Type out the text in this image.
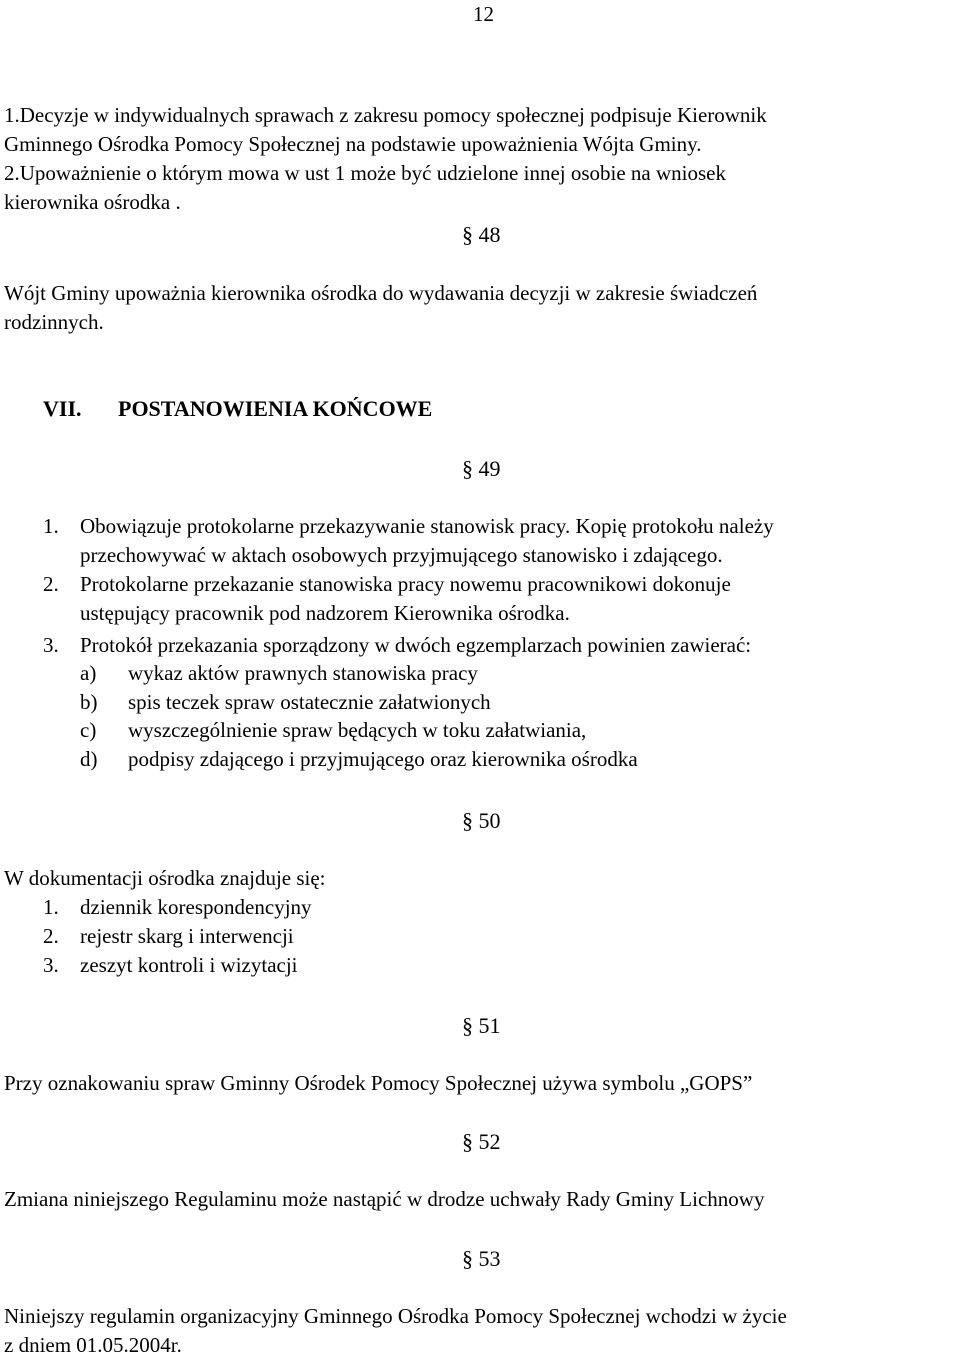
12
1.Decyzje w indywidualnych sprawach z zakresu pomocy społecznej podpisuje Kierownik
Gminnego Ośrodka Pomocy Społecznej na podstawie upoważnienia Wójta Gminy.
2.Upoważnienie o którym mowa w ust 1 może być udzielone innej osobie na wniosek
kierownika ośrodka .
§ 48
Wójt Gminy upoważnia kierownika ośrodka do wydawania decyzji w zakresie świadczeń
rodzinnych.
VII. POSTANOWIENIA KOŃCOWE
§ 49
1. Obowiązuje protokolarne przekazywanie stanowisk pracy. Kopię protokołu należy
przechowywać w aktach osobowych przyjmującego stanowisko i zdającego.
2. Protokolarne przekazanie stanowiska pracy nowemu pracownikowi dokonuje
ustępujący pracownik pod nadzorem Kierownika ośrodka.
3. Protokół przekazania sporządzony w dwóch egzemplarzach powinien zawierać:
a) wykaz aktów prawnych stanowiska pracy
b) spis teczek spraw ostatecznie załatwionych
c) wyszczególnienie spraw będących w toku załatwiania,
d) podpisy zdającego i przyjmującego oraz kierownika ośrodka
§ 50
W dokumentacji ośrodka znajduje się:
1. dziennik korespondencyjny
2. rejestr skarg i interwencji
3. zeszyt kontroli i wizytacji
§ 51
Przy oznakowaniu spraw Gminny Ośrodek Pomocy Społecznej używa symbolu „GOPS”
§ 52
Zmiana niniejszego Regulaminu może nastąpić w drodze uchwały Rady Gminy Lichnowy
§ 53
Niniejszy regulamin organizacyjny Gminnego Ośrodka Pomocy Społecznej wchodzi w życie
z dniem 01.05.2004r.
